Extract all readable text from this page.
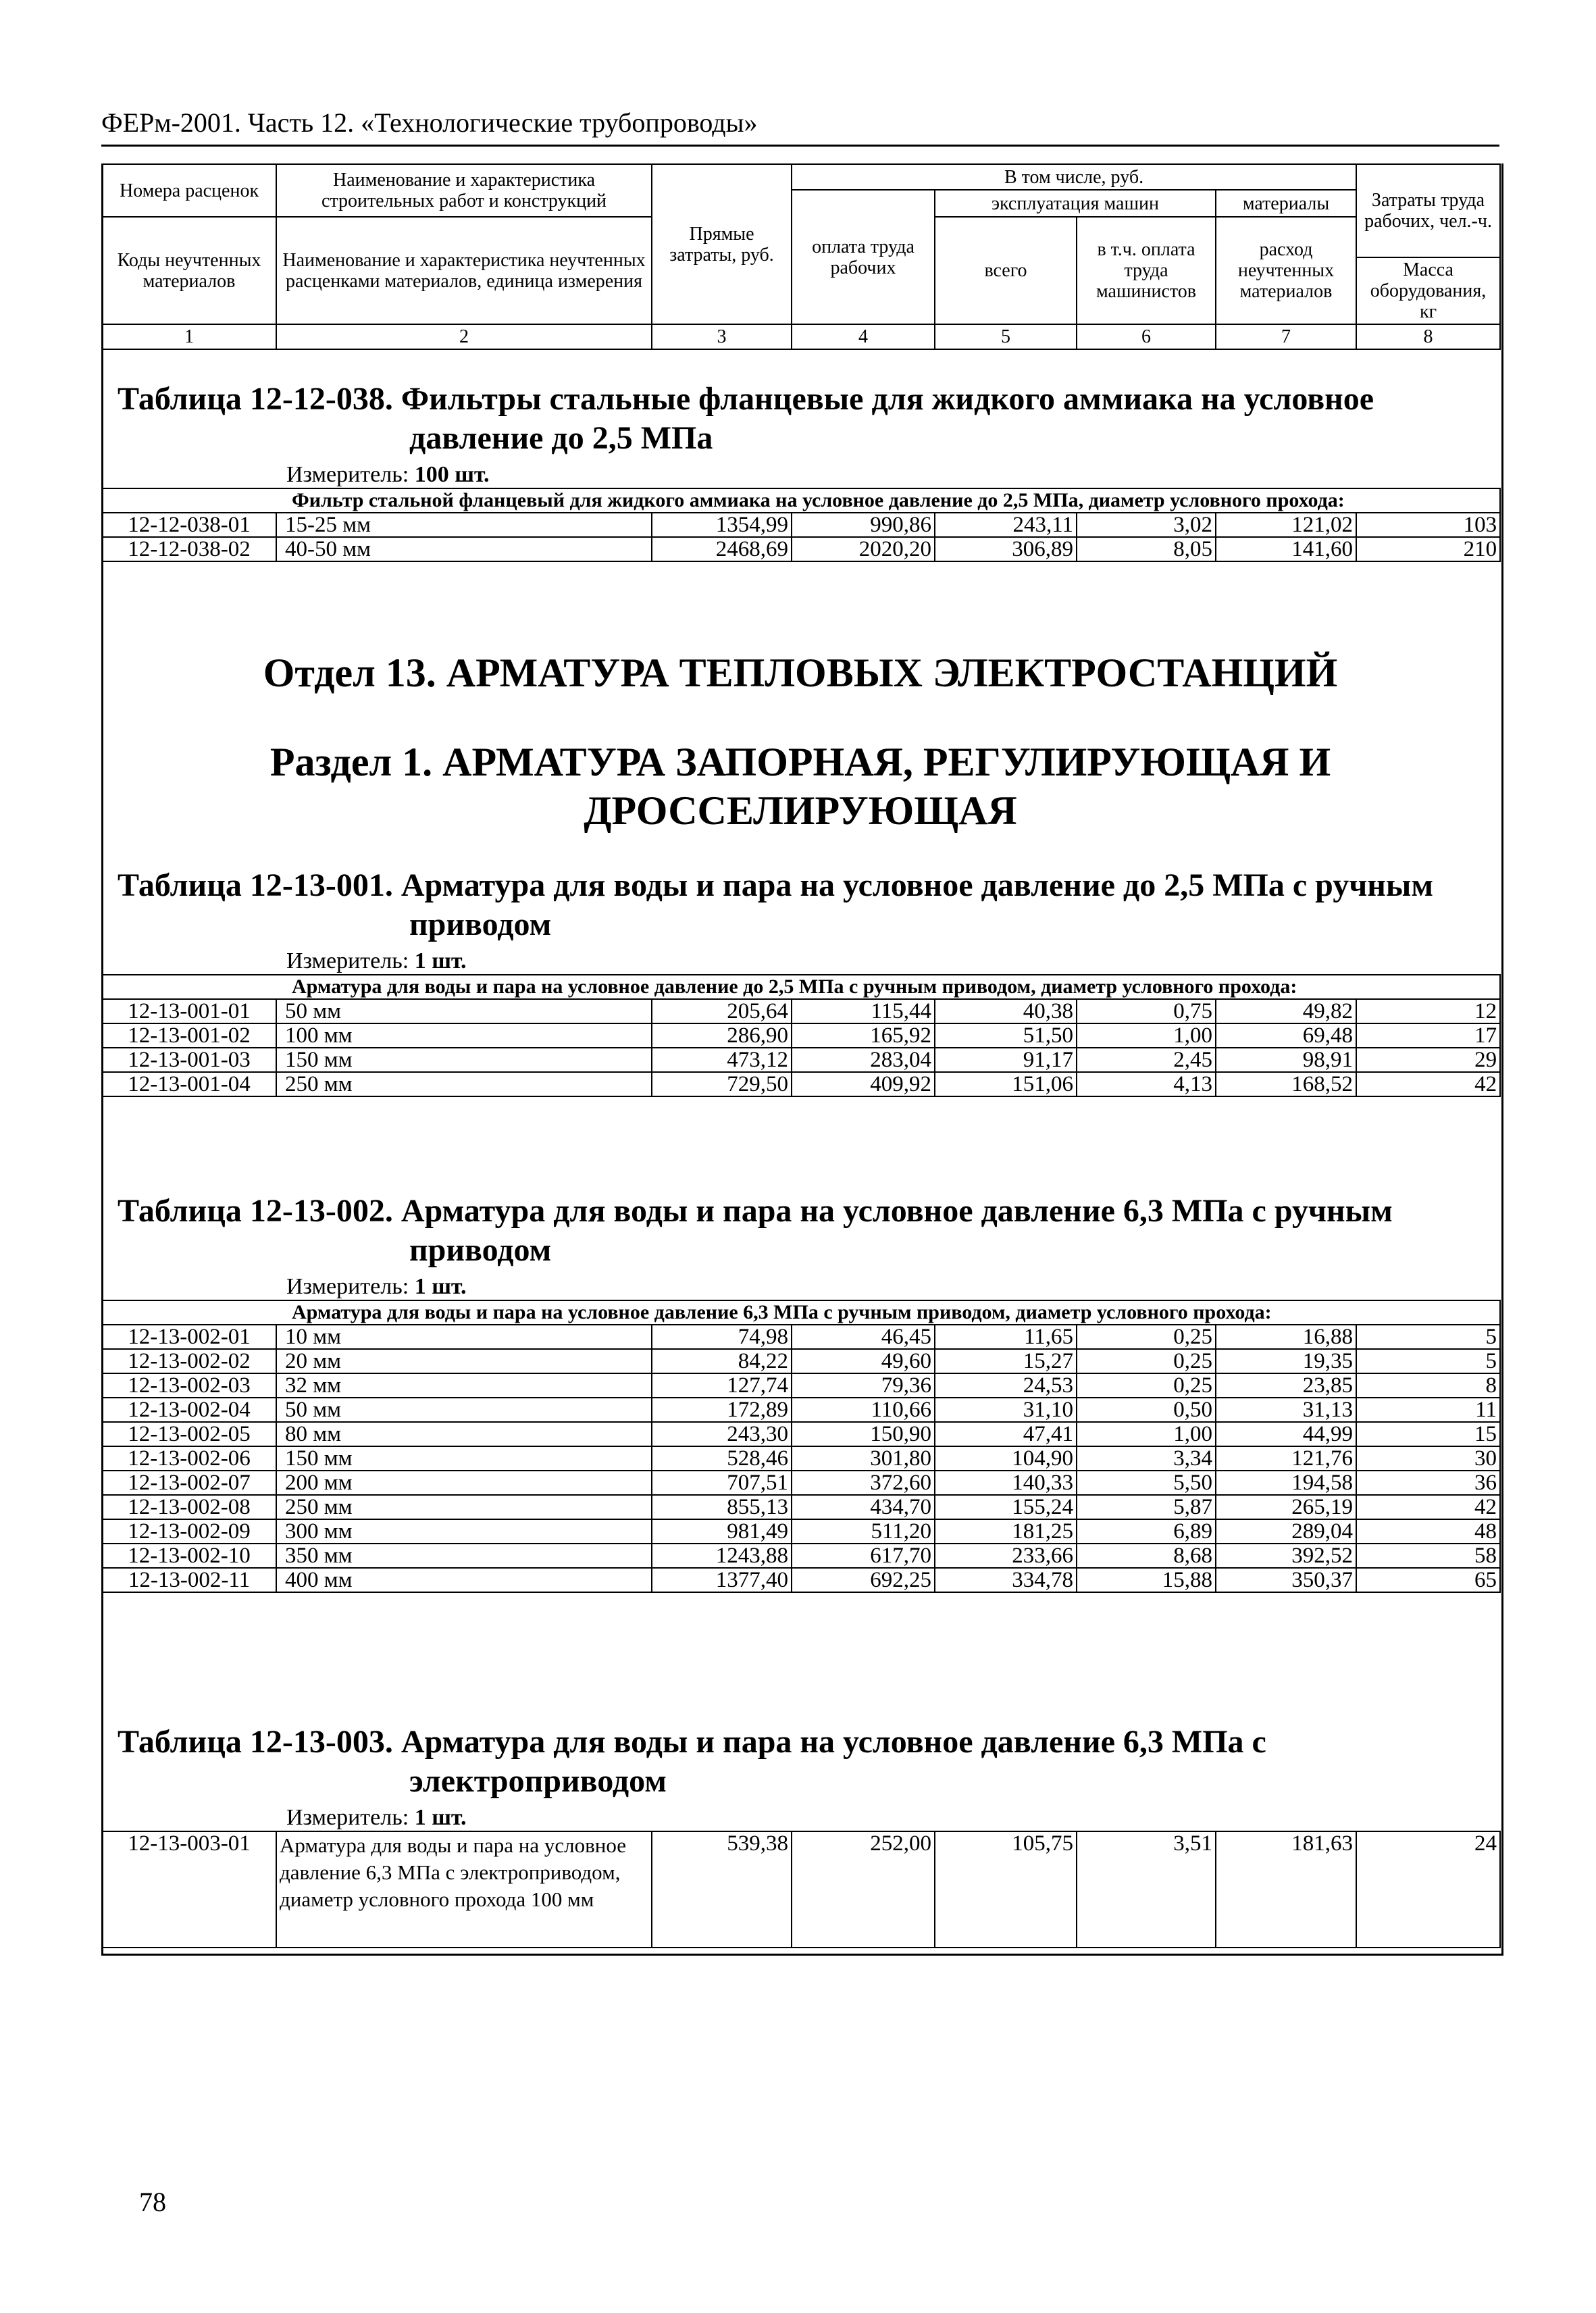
ФЕРм-2001. Часть 12. «Технологические трубопроводы»
Номера расценок	Наименование и характеристика строительных работ и конструкций	Прямые затраты, руб.	В том числе, руб.				Затраты труда рабочих, чел.-ч.
			оплата труда рабочих	эксплуатация машин		материалы	
Коды неучтенных материалов	Наименование и характеристика неучтенных расценками материалов, единица измерения			всего	в т.ч. оплата труда машинистов	расход неучтенных материалов	
							Масса оборудования, кг
1	2	3	4	5	6	7	8
Таблица 12-12-038. Фильтры стальные фланцевые для жидкого аммиака на условное
давление до 2,5 МПа
Измеритель: 100 шт.
Фильтр стальной фланцевый для жидкого аммиака на условное давление до 2,5 МПа, диаметр условного прохода:							
12-12-038-01	15-25 мм	1354,99	990,86	243,11	3,02	121,02	103
12-12-038-02	40-50 мм	2468,69	2020,20	306,89	8,05	141,60	210
Отдел 13. АРМАТУРА ТЕПЛОВЫХ ЭЛЕКТРОСТАНЦИЙ
Раздел 1. АРМАТУРА ЗАПОРНАЯ, РЕГУЛИРУЮЩАЯ И
ДРОССЕЛИРУЮЩАЯ
Таблица 12-13-001. Арматура для воды и пара на условное давление до 2,5 МПа с ручным
приводом
Измеритель: 1 шт.
Арматура для воды и пара на условное давление до 2,5 МПа с ручным приводом, диаметр условного прохода:							
12-13-001-01	50 мм	205,64	115,44	40,38	0,75	49,82	12
12-13-001-02	100 мм	286,90	165,92	51,50	1,00	69,48	17
12-13-001-03	150 мм	473,12	283,04	91,17	2,45	98,91	29
12-13-001-04	250 мм	729,50	409,92	151,06	4,13	168,52	42
Таблица 12-13-002. Арматура для воды и пара на условное давление 6,3 МПа с ручным
приводом
Измеритель: 1 шт.
Арматура для воды и пара на условное давление 6,3 МПа с ручным приводом, диаметр условного прохода:							
12-13-002-01	10 мм	74,98	46,45	11,65	0,25	16,88	5
12-13-002-02	20 мм	84,22	49,60	15,27	0,25	19,35	5
12-13-002-03	32 мм	127,74	79,36	24,53	0,25	23,85	8
12-13-002-04	50 мм	172,89	110,66	31,10	0,50	31,13	11
12-13-002-05	80 мм	243,30	150,90	47,41	1,00	44,99	15
12-13-002-06	150 мм	528,46	301,80	104,90	3,34	121,76	30
12-13-002-07	200 мм	707,51	372,60	140,33	5,50	194,58	36
12-13-002-08	250 мм	855,13	434,70	155,24	5,87	265,19	42
12-13-002-09	300 мм	981,49	511,20	181,25	6,89	289,04	48
12-13-002-10	350 мм	1243,88	617,70	233,66	8,68	392,52	58
12-13-002-11	400 мм	1377,40	692,25	334,78	15,88	350,37	65
Таблица 12-13-003. Арматура для воды и пара на условное давление 6,3 МПа с
электроприводом
Измеритель: 1 шт.
12-13-003-01	Арматура для воды и пара на условное давление 6,3 МПа с электроприводом, диаметр условного прохода 100 мм	539,38	252,00	105,75	3,51	181,63	24
78
